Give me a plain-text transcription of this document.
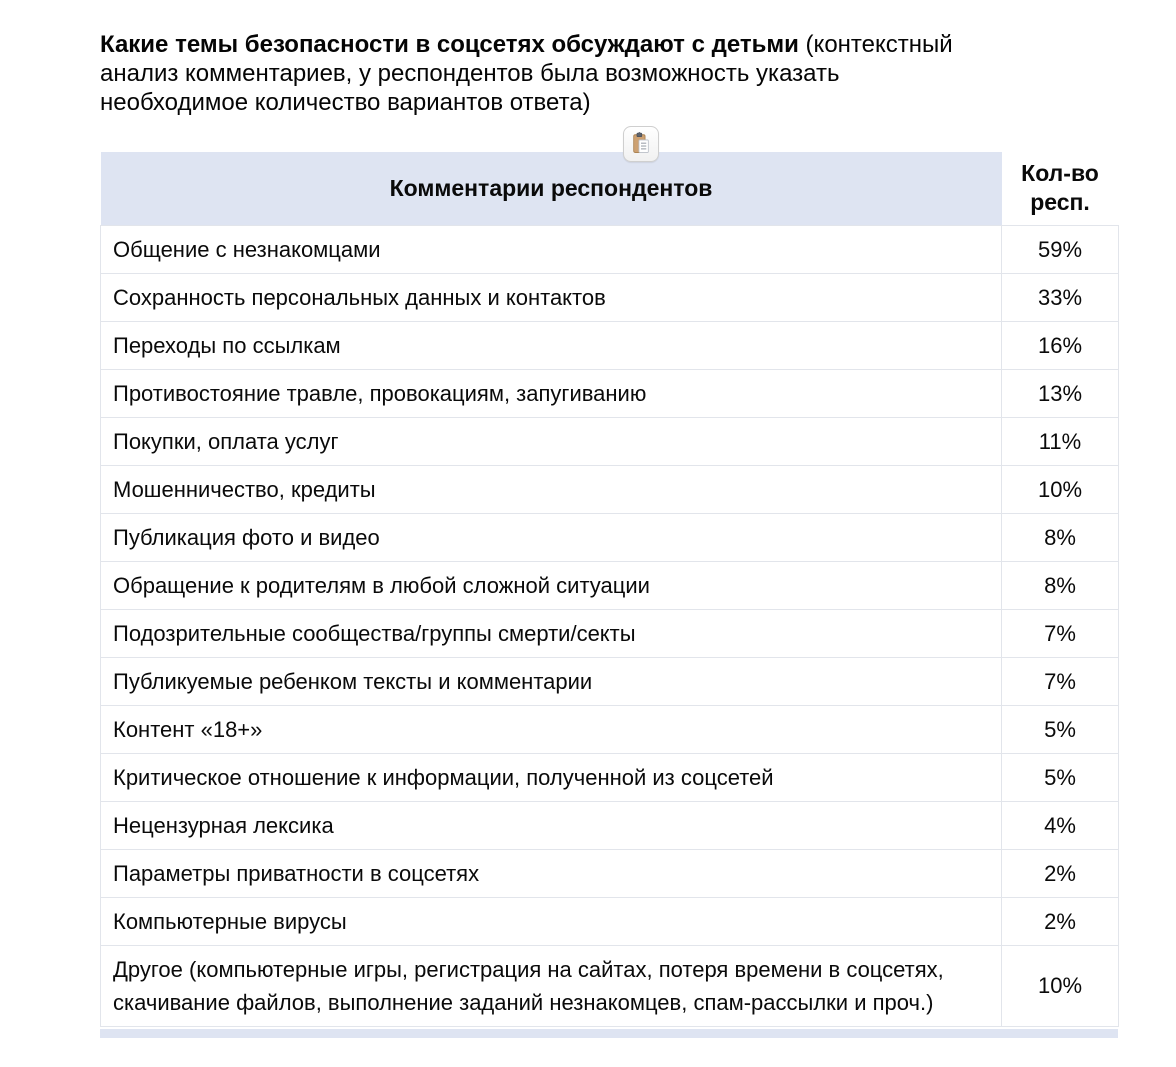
Какие темы безопасности в соцсетях обсуждают с детьми (контекстный анализ комментариев, у респондентов была возможность указать необходимое количество вариантов ответа)
Комментарии респондентов	Кол-во респ.
Общение с незнакомцами	59%
Сохранность персональных данных и контактов	33%
Переходы по ссылкам	16%
Противостояние травле, провокациям, запугиванию	13%
Покупки, оплата услуг	11%
Мошенничество, кредиты	10%
Публикация фото и видео	8%
Обращение к родителям в любой сложной ситуации	8%
Подозрительные сообщества/группы смерти/секты	7%
Публикуемые ребенком тексты и комментарии	7%
Контент «18+»	5%
Критическое отношение к информации, полученной из соцсетей	5%
Нецензурная лексика	4%
Параметры приватности в соцсетях	2%
Компьютерные вирусы	2%
Другое (компьютерные игры, регистрация на сайтах, потеря времени в соцсетях, скачивание файлов, выполнение заданий незнакомцев, спам-рассылки и проч.)	10%
